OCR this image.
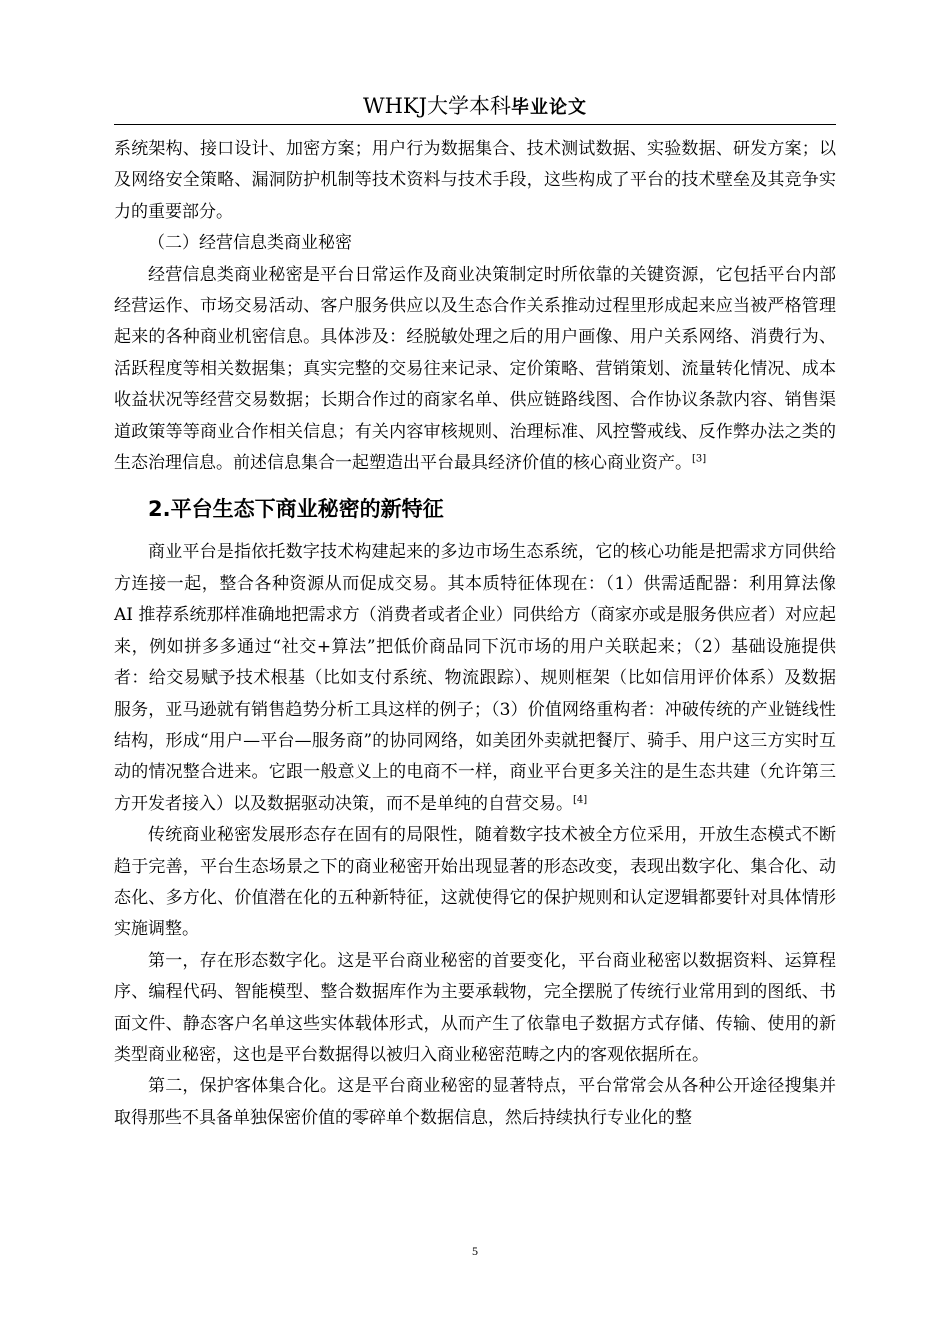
WHKJ大学本科毕业论文

系统架构、接口设计、加密方案；用户行为数据集合、技术测试数据、实验数据、研发方案；以及网络安全策略、漏洞防护机制等技术资料与技术手段，这些构成了平台的技术壁垒及其竞争实力的重要部分。

（二）经营信息类商业秘密

经营信息类商业秘密是平台日常运作及商业决策制定时所依靠的关键资源，它包括平台内部经营运作、市场交易活动、客户服务供应以及生态合作关系推动过程里形成起来应当被严格管理起来的各种商业机密信息。具体涉及：经脱敏处理之后的用户画像、用户关系网络、消费行为、活跃程度等相关数据集；真实完整的交易往来记录、定价策略、营销策划、流量转化情况、成本收益状况等经营交易数据；长期合作过的商家名单、供应链路线图、合作协议条款内容、销售渠道政策等等商业合作相关信息；有关内容审核规则、治理标准、风控警戒线、反作弊办法之类的生态治理信息。前述信息集合一起塑造出平台最具经济价值的核心商业资产。[3]

2.平台生态下商业秘密的新特征

商业平台是指依托数字技术构建起来的多边市场生态系统，它的核心功能是把需求方同供给方连接一起，整合各种资源从而促成交易。其本质特征体现在：（1）供需适配器：利用算法像 AI 推荐系统那样准确地把需求方（消费者或者企业）同供给方（商家亦或是服务供应者）对应起来，例如拼多多通过“社交+算法”把低价商品同下沉市场的用户关联起来；（2）基础设施提供者：给交易赋予技术根基（比如支付系统、物流跟踪）、规则框架（比如信用评价体系）及数据服务，亚马逊就有销售趋势分析工具这样的例子；（3）价值网络重构者：冲破传统的产业链线性结构，形成“用户—平台—服务商”的协同网络，如美团外卖就把餐厅、骑手、用户这三方实时互动的情况整合进来。它跟一般意义上的电商不一样，商业平台更多关注的是生态共建（允许第三方开发者接入）以及数据驱动决策，而不是单纯的自营交易。[4]

传统商业秘密发展形态存在固有的局限性，随着数字技术被全方位采用，开放生态模式不断趋于完善，平台生态场景之下的商业秘密开始出现显著的形态改变，表现出数字化、集合化、动态化、多方化、价值潜在化的五种新特征，这就使得它的保护规则和认定逻辑都要针对具体情形实施调整。

第一，存在形态数字化。这是平台商业秘密的首要变化，平台商业秘密以数据资料、运算程序、编程代码、智能模型、整合数据库作为主要承载物，完全摆脱了传统行业常用到的图纸、书面文件、静态客户名单这些实体载体形式，从而产生了依靠电子数据方式存储、传输、使用的新类型商业秘密，这也是平台数据得以被归入商业秘密范畴之内的客观依据所在。

第二，保护客体集合化。这是平台商业秘密的显著特点，平台常常会从各种公开途径搜集并取得那些不具备单独保密价值的零碎单个数据信息，然后持续执行专业化的整

5
